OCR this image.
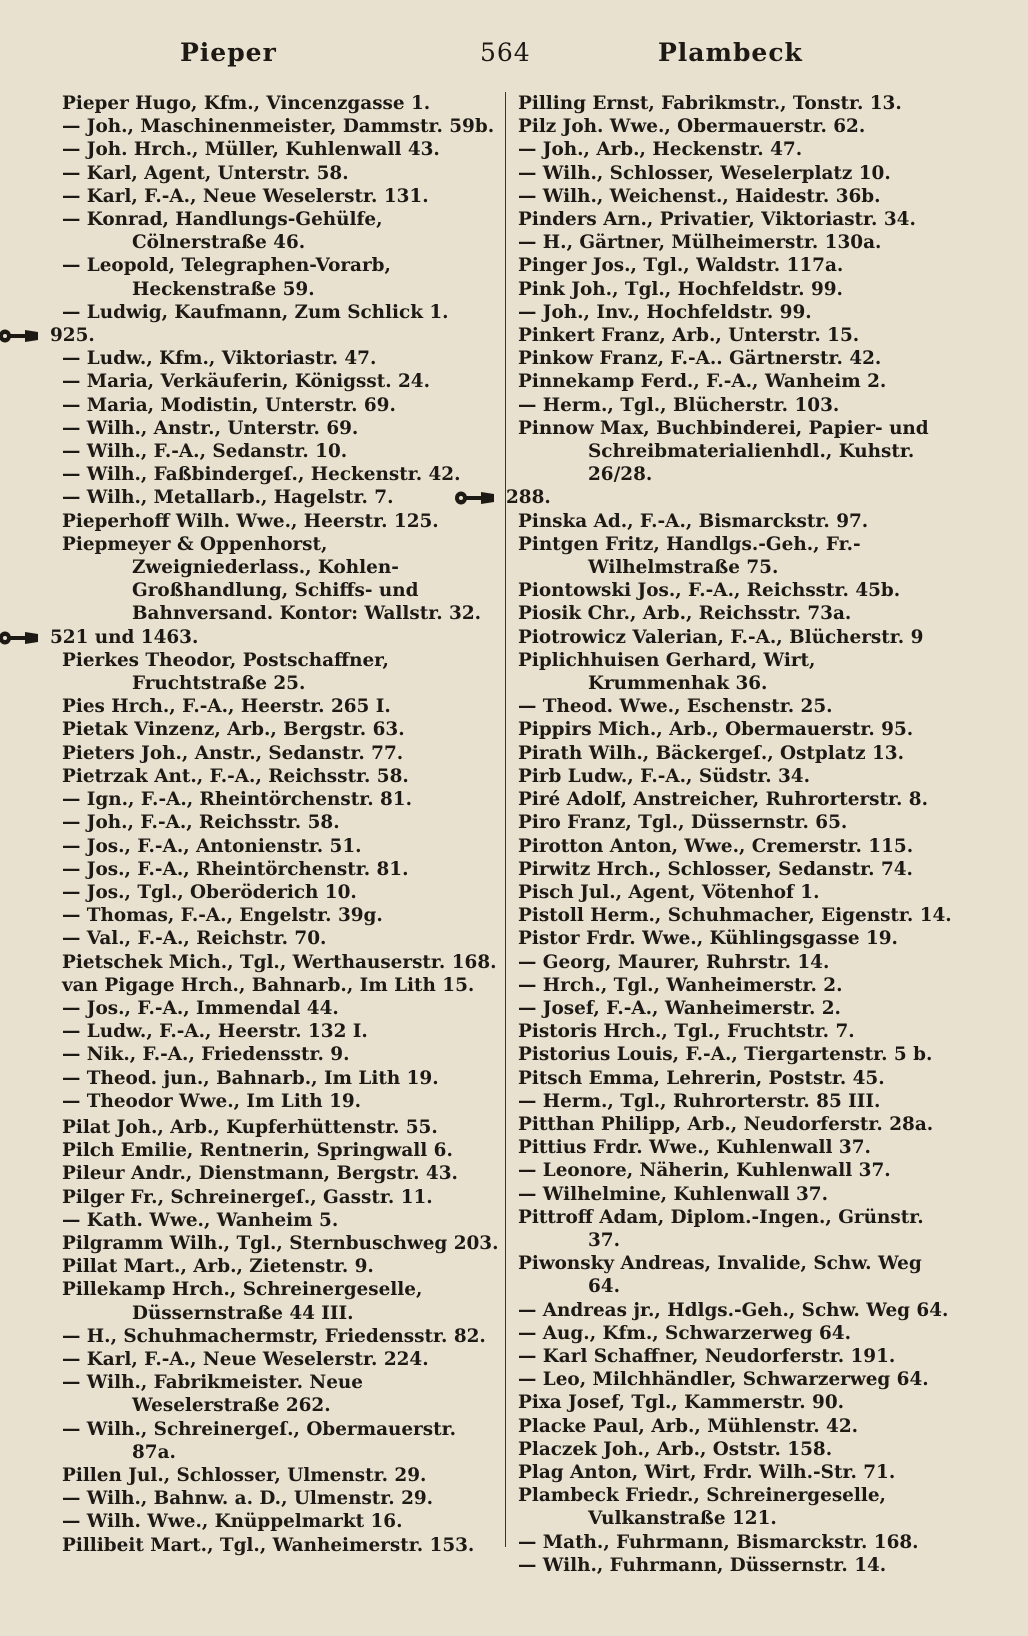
Pieper	564	Plambeck
Pieper Hugo, Kfm., Vincenzgasse 1.
— Joh., Maschinenmeister, Dammstr. 59b.
— Joh. Hrch., Müller, Kuhlenwall 43.
— Karl, Agent, Unterstr. 58.
— Karl, F.-A., Neue Weselerstr. 131.
— Konrad, Handlungs-Gehülfe, Cölnerstraße 46.
— Leopold, Telegraphen-Vorarb, Heckenstraße 59.
— Ludwig, Kaufmann, Zum Schlick 1.
925.
— Ludw., Kfm., Viktoriastr. 47.
— Maria, Verkäuferin, Königsst. 24.
— Maria, Modistin, Unterstr. 69.
— Wilh., Anstr., Unterstr. 69.
— Wilh., F.-A., Sedanstr. 10.
— Wilh., Faßbindergeſ., Heckenstr. 42.
— Wilh., Metallarb., Hagelstr. 7.
Pieperhoff Wilh. Wwe., Heerstr. 125.
Piepmeyer & Oppenhorst, Zweigniederlass., Kohlen-Großhandlung, Schiffs- und Bahnversand. Kontor: Wallstr. 32.
521 und 1463.
Pierkes Theodor, Postschaffner, Fruchtstraße 25.
Pies Hrch., F.-A., Heerstr. 265 I.
Pietak Vinzenz, Arb., Bergstr. 63.
Pieters Joh., Anstr., Sedanstr. 77.
Pietrzak Ant., F.-A., Reichsstr. 58.
— Ign., F.-A., Rheintörchenstr. 81.
— Joh., F.-A., Reichsstr. 58.
— Jos., F.-A., Antonienstr. 51.
— Jos., F.-A., Rheintörchenstr. 81.
— Jos., Tgl., Oberöderich 10.
— Thomas, F.-A., Engelstr. 39g.
— Val., F.-A., Reichstr. 70.
Pietschek Mich., Tgl., Werthauserstr. 168.
van Pigage Hrch., Bahnarb., Im Lith 15.
— Jos., F.-A., Immendal 44.
— Ludw., F.-A., Heerstr. 132 I.
— Nik., F.-A., Friedensstr. 9.
— Theod. jun., Bahnarb., Im Lith 19.
— Theodor Wwe., Im Lith 19.
Pilat Joh., Arb., Kupferhüttenstr. 55.
Pilch Emilie, Rentnerin, Springwall 6.
Pileur Andr., Dienstmann, Bergstr. 43.
Pilger Fr., Schreinergeſ., Gasstr. 11.
— Kath. Wwe., Wanheim 5.
Pilgramm Wilh., Tgl., Sternbuschweg 203.
Pillat Mart., Arb., Zietenstr. 9.
Pillekamp Hrch., Schreinergeselle, Düssernstraße 44 III.
— H., Schuhmachermstr, Friedensstr. 82.
— Karl, F.-A., Neue Weselerstr. 224.
— Wilh., Fabrikmeister. Neue Weselerstraße 262.
— Wilh., Schreinergeſ., Obermauerstr. 87a.
Pillen Jul., Schlosser, Ulmenstr. 29.
— Wilh., Bahnw. a. D., Ulmenstr. 29.
— Wilh. Wwe., Knüppelmarkt 16.
Pillibeit Mart., Tgl., Wanheimerstr. 153.
Pilling Ernst, Fabrikmstr., Tonstr. 13.
Pilz Joh. Wwe., Obermauerstr. 62.
— Joh., Arb., Heckenstr. 47.
— Wilh., Schlosser, Weselerplatz 10.
— Wilh., Weichenst., Haidestr. 36b.
Pinders Arn., Privatier, Viktoriastr. 34.
— H., Gärtner, Mülheimerstr. 130a.
Pinger Jos., Tgl., Waldstr. 117a.
Pink Joh., Tgl., Hochfeldstr. 99.
— Joh., Inv., Hochfeldstr. 99.
Pinkert Franz, Arb., Unterstr. 15.
Pinkow Franz, F.-A.. Gärtnerstr. 42.
Pinnekamp Ferd., F.-A., Wanheim 2.
— Herm., Tgl., Blücherstr. 103.
Pinnow Max, Buchbinderei, Papier- und Schreibmaterialienhdl., Kuhstr. 26/28.
288.
Pinska Ad., F.-A., Bismarckstr. 97.
Pintgen Fritz, Handlgs.-Geh., Fr.-Wilhelmstraße 75.
Piontowski Jos., F.-A., Reichsstr. 45b.
Piosik Chr., Arb., Reichsstr. 73a.
Piotrowicz Valerian, F.-A., Blücherstr. 9
Piplichhuisen Gerhard, Wirt, Krummenhak 36.
— Theod. Wwe., Eschenstr. 25.
Pippirs Mich., Arb., Obermauerstr. 95.
Pirath Wilh., Bäckergeſ., Ostplatz 13.
Pirb Ludw., F.-A., Südstr. 34.
Piré Adolf, Anstreicher, Ruhrorterstr. 8.
Piro Franz, Tgl., Düssernstr. 65.
Pirotton Anton, Wwe., Cremerstr. 115.
Pirwitz Hrch., Schlosser, Sedanstr. 74.
Pisch Jul., Agent, Vötenhof 1.
Pistoll Herm., Schuhmacher, Eigenstr. 14.
Pistor Frdr. Wwe., Kühlingsgasse 19.
— Georg, Maurer, Ruhrstr. 14.
— Hrch., Tgl., Wanheimerstr. 2.
— Josef, F.-A., Wanheimerstr. 2.
Pistoris Hrch., Tgl., Fruchtstr. 7.
Pistorius Louis, F.-A., Tiergartenstr. 5 b.
Pitsch Emma, Lehrerin, Poststr. 45.
— Herm., Tgl., Ruhrorterstr. 85 III.
Pitthan Philipp, Arb., Neudorferstr. 28a.
Pittius Frdr. Wwe., Kuhlenwall 37.
— Leonore, Näherin, Kuhlenwall 37.
— Wilhelmine, Kuhlenwall 37.
Pittroff Adam, Diplom.-Ingen., Grünstr. 37.
Piwonsky Andreas, Invalide, Schw. Weg 64.
— Andreas jr., Hdlgs.-Geh., Schw. Weg 64.
— Aug., Kfm., Schwarzerweg 64.
— Karl Schaffner, Neudorferstr. 191.
— Leo, Milchhändler, Schwarzerweg 64.
Pixa Josef, Tgl., Kammerstr. 90.
Placke Paul, Arb., Mühlenstr. 42.
Placzek Joh., Arb., Oststr. 158.
Plag Anton, Wirt, Frdr. Wilh.-Str. 71.
Plambeck Friedr., Schreinergeselle, Vulkanstraße 121.
— Math., Fuhrmann, Bismarckstr. 168.
— Wilh., Fuhrmann, Düssernstr. 14.
